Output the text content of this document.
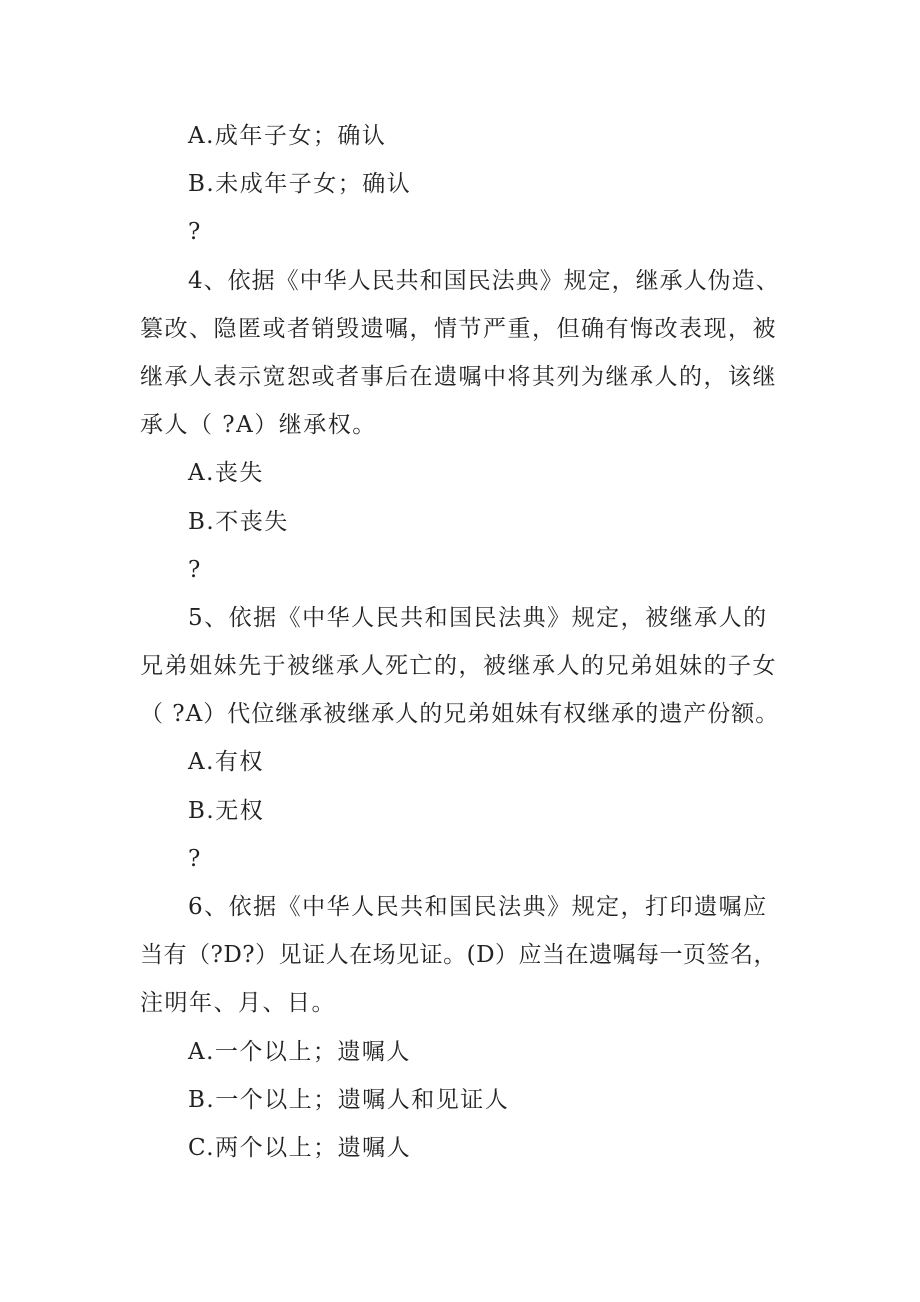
A.成年子女；确认
B.未成年子女；确认
?
4、依据《中华人民共和国民法典》规定，继承人伪造、
篡改、隐匿或者销毁遗嘱，情节严重，但确有悔改表现，被
继承人表示宽恕或者事后在遗嘱中将其列为继承人的，该继
承人（ ?A）继承权。
A.丧失
B.不丧失
?
5、依据《中华人民共和国民法典》规定，被继承人的
兄弟姐妹先于被继承人死亡的，被继承人的兄弟姐妹的子女
（ ?A）代位继承被继承人的兄弟姐妹有权继承的遗产份额。
A.有权
B.无权
?
6、依据《中华人民共和国民法典》规定，打印遗嘱应
当有（?D?）见证人在场见证。(D）应当在遗嘱每一页签名，
注明年、月、日。
A.一个以上；遗嘱人
B.一个以上；遗嘱人和见证人
C.两个以上；遗嘱人
